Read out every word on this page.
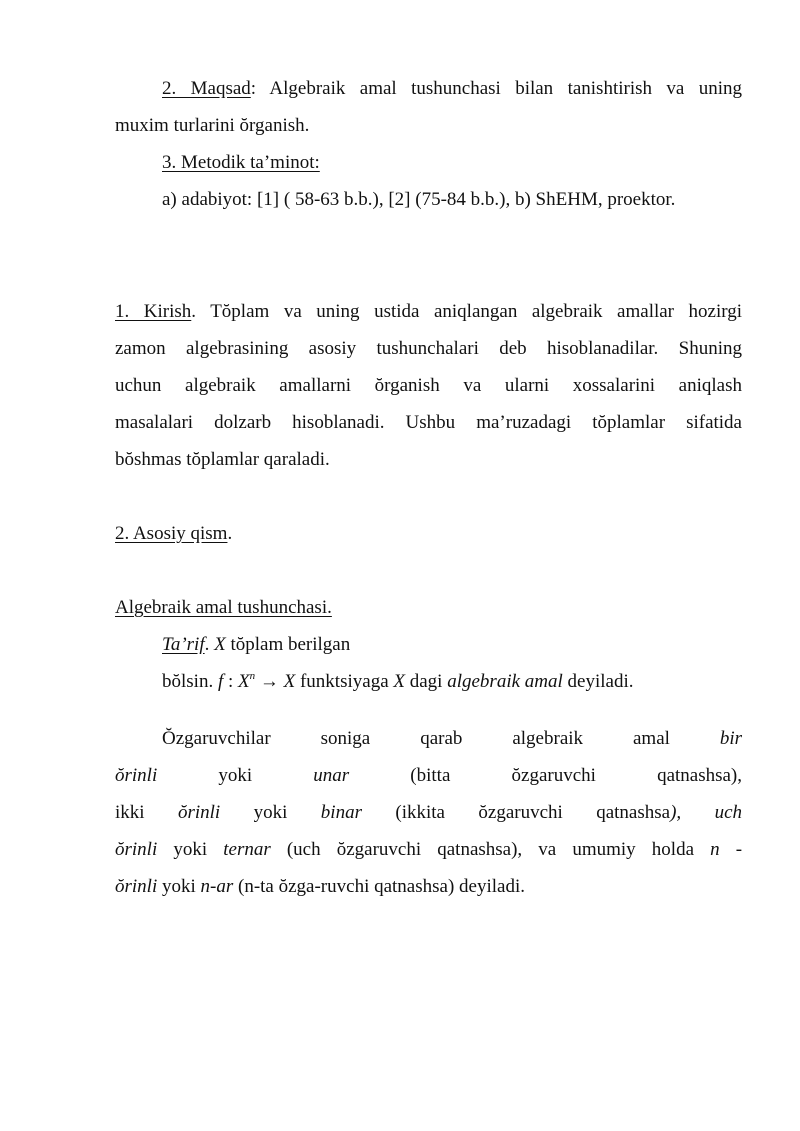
2. Maqsad: Algebraik amal tushunchasi bilan tanishtirish va uning
muxim turlarini ŏrganish.
3. Metodik ta’minot:
a) adabiyot: [1] ( 58-63 b.b.), [2] (75-84 b.b.), b) ShEHM, proektor.
1. Kirish. Tŏplam va uning ustida aniqlangan algebraik amallar hozirgi
zamon algebrasining asosiy tushunchalari deb hisoblanadilar. Shuning
uchun algebraik amallarni ŏrganish va ularni xossalarini aniqlash
masalalari dolzarb hisoblanadi. Ushbu ma’ruzadagi tŏplamlar sifatida
bŏshmas tŏplamlar qaraladi.
2. Asosiy qism.
Algebraik amal tushunchasi.
Ta’rif. X tŏplam berilgan
bŏlsin. f : $X^n \to X$ funktsiyaga X dagi algebraik amal deyiladi.
Ŏzgaruvchilar	soniga	qarab	algebraik	amal	bir
ŏrinli	yoki	unar	(bitta	ŏzgaruvchi	qatnashsa),
ikki ŏrinli yoki binar (ikkita ŏzgaruvchi qatnashsa), uch
ŏrinli yoki ternar (uch ŏzgaruvchi qatnashsa), va umumiy holda n -
ŏrinli yoki n-ar (n-ta ŏzga-ruvchi qatnashsa) deyiladi.
